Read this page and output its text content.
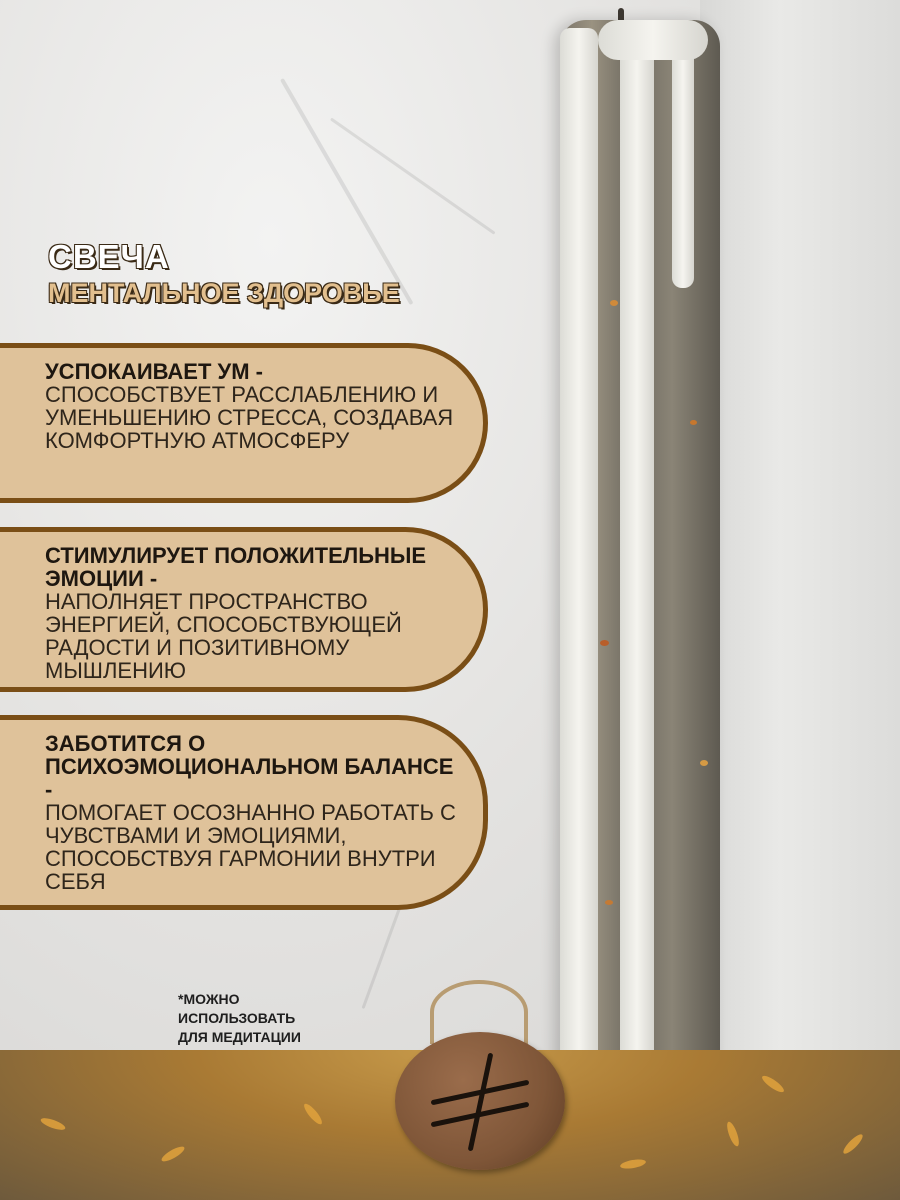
СВЕЧА
МЕНТАЛЬНОЕ ЗДОРОВЬЕ
УСПОКАИВАЕТ УМ -
СПОСОБСТВУЕТ РАССЛАБЛЕНИЮ И УМЕНЬШЕНИЮ СТРЕССА, СОЗДАВАЯ КОМФОРТНУЮ АТМОСФЕРУ
СТИМУЛИРУЕТ ПОЛОЖИТЕЛЬНЫЕ ЭМОЦИИ -
НАПОЛНЯЕТ ПРОСТРАНСТВО ЭНЕРГИЕЙ, СПОСОБСТВУЮЩЕЙ РАДОСТИ И ПОЗИТИВНОМУ МЫШЛЕНИЮ
ЗАБОТИТСЯ О ПСИХОЭМОЦИОНАЛЬНОМ БАЛАНСЕ -
ПОМОГАЕТ ОСОЗНАННО РАБОТАТЬ С ЧУВСТВАМИ И ЭМОЦИЯМИ, СПОСОБСТВУЯ ГАРМОНИИ ВНУТРИ СЕБЯ
*МОЖНО
ИСПОЛЬЗОВАТЬ
ДЛЯ МЕДИТАЦИИ
